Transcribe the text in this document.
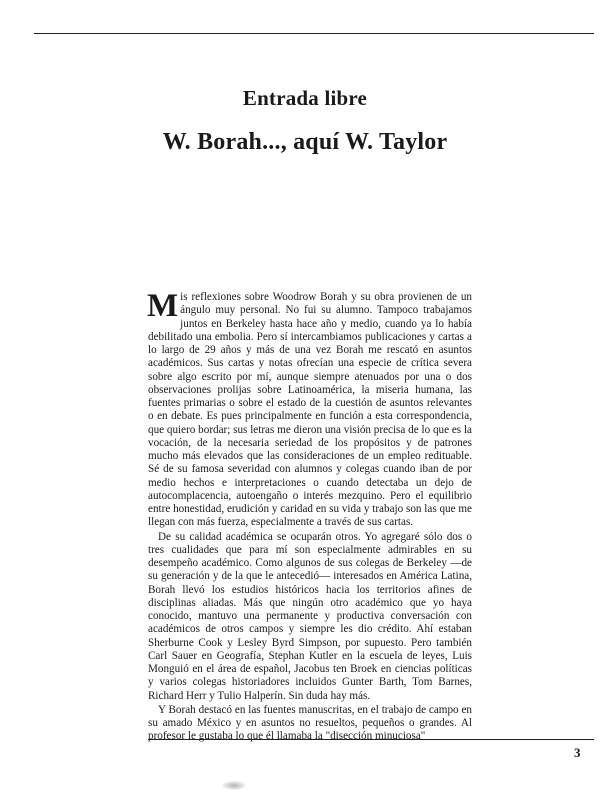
Entrada libre
W. Borah..., aquí W. Taylor

Mis reflexiones sobre Woodrow Borah y su obra provienen de un ángulo muy personal. No fui su alumno. Tampoco trabajamos juntos en Berkeley hasta hace año y medio, cuando ya lo había debilitado una embolia. Pero sí intercambiamos publicaciones y cartas a lo largo de 29 años y más de una vez Borah me rescató en asuntos académicos. Sus cartas y notas ofrecían una especie de crítica severa sobre algo escrito por mí, aunque siempre atenuados por una o dos observaciones prolijas sobre Latinoamérica, la miseria humana, las fuentes primarias o sobre el estado de la cuestión de asuntos relevantes o en debate. Es pues principalmente en función a esta correspondencia, que quiero bordar; sus letras me dieron una visión precisa de lo que es la vocación, de la necesaria seriedad de los propósitos y de patrones mucho más elevados que las consideraciones de un empleo redituable. Sé de su famosa severidad con alumnos y colegas cuando iban de por medio hechos e interpretaciones o cuando detectaba un dejo de autocomplacencia, autoengaño o interés mezquino. Pero el equilibrio entre honestidad, erudición y caridad en su vida y trabajo son las que me llegan con más fuerza, especialmente a través de sus cartas.

De su calidad académica se ocuparán otros. Yo agregaré sólo dos o tres cualidades que para mí son especialmente admirables en su desempeño académico. Como algunos de sus colegas de Berkeley —de su generación y de la que le antecedió— interesados en América Latina, Borah llevó los estudios históricos hacia los territorios afines de disciplinas aliadas. Más que ningún otro académico que yo haya conocido, mantuvo una permanente y productiva conversación con académicos de otros campos y siempre les dio crédito. Ahí estaban Sherburne Cook y Lesley Byrd Simpson, por supuesto. Pero también Carl Sauer en Geografía, Stephan Kutler en la escuela de leyes, Luis Monguió en el área de español, Jacobus ten Broek en ciencias políticas y varios colegas historiadores incluidos Gunter Barth, Tom Barnes, Richard Herr y Tulio Halperín. Sin duda hay más.

Y Borah destacó en las fuentes manuscritas, en el trabajo de campo en su amado México y en asuntos no resueltos, pequeños o grandes. Al profesor le gustaba lo que él llamaba la "disección minuciosa"

3
